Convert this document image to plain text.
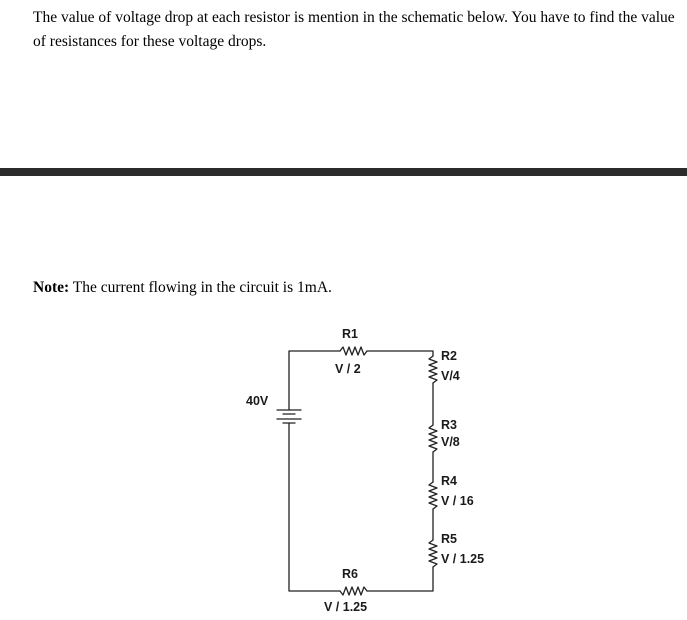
The value of voltage drop at each resistor is mention in the schematic below. You have to find the value of resistances for these voltage drops.
Note: The current flowing in the circuit is 1mA.
40V
R1
V / 2
R2
V/4
R3
V/8
R4
V / 16
R5
V / 1.25
R6
V / 1.25
